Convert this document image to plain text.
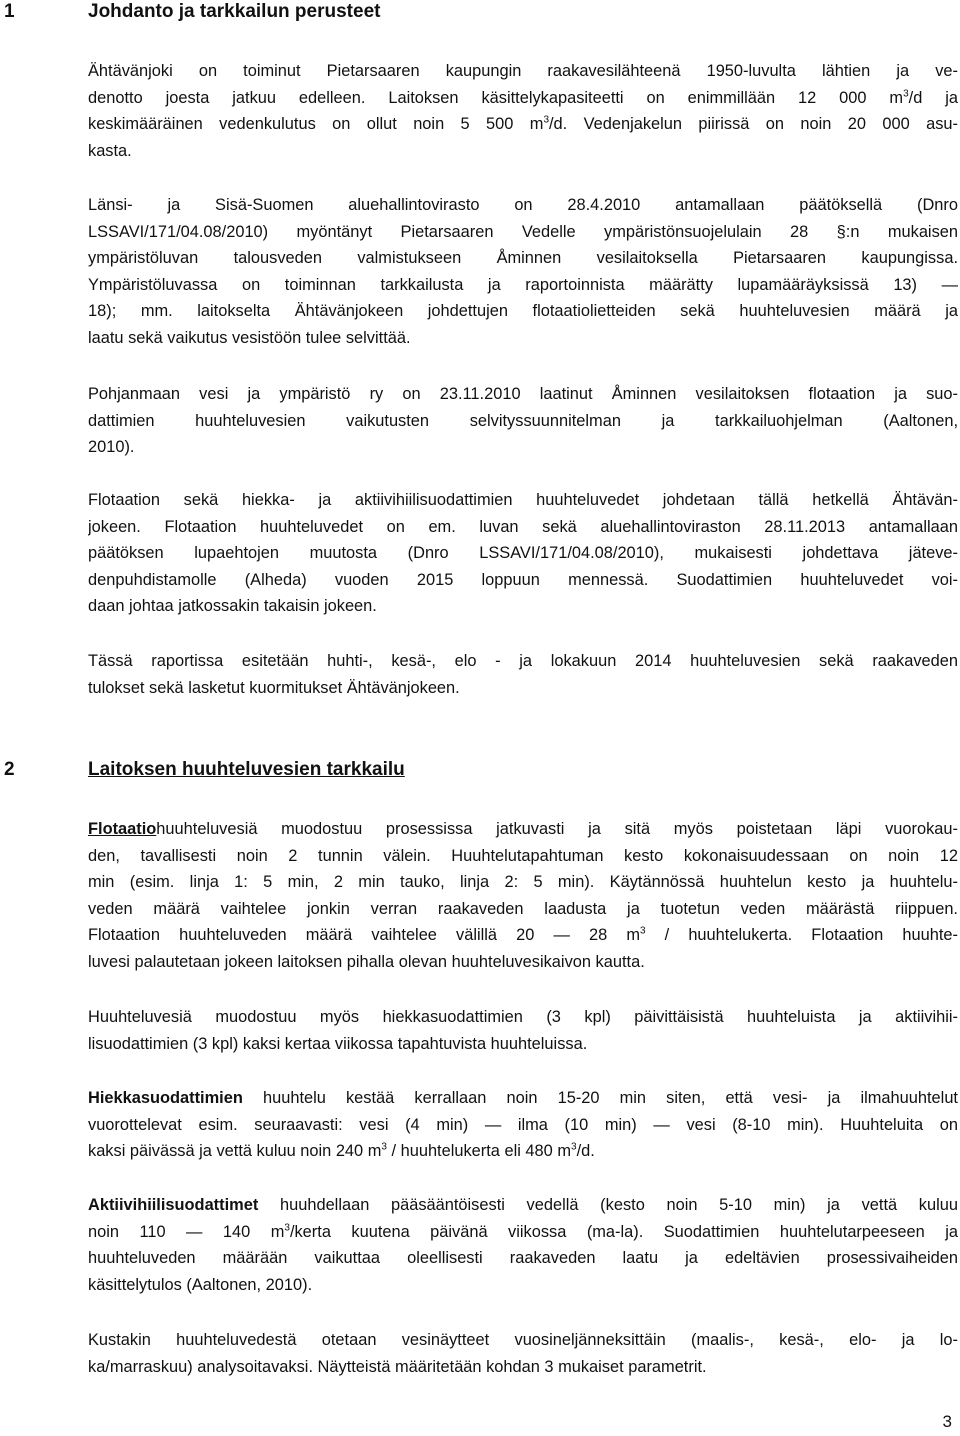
1	Johdanto ja tarkkailun perusteet
Ähtävänjoki on toiminut Pietarsaaren kaupungin raakavesilähteenä 1950-luvulta lähtien ja ve-
denotto joesta jatkuu edelleen. Laitoksen käsittelykapasiteetti on enimmillään 12 000 $m^3/d$ ja
keskimääräinen vedenkulutus on ollut noin 5 500 $m^3/d$. Vedenjakelun piirissä on noin 20 000 asu-
kasta.
Länsi- ja Sisä-Suomen aluehallintovirasto on 28.4.2010 antamallaan päätöksellä (Dnro
LSSAVI/171/04.08/2010) myöntänyt Pietarsaaren Vedelle ympäristönsuojelulain 28 §:n mukaisen
ympäristöluvan talousveden valmistukseen Åminnen vesilaitoksella Pietarsaaren kaupungissa.
Ympäristöluvassa on toiminnan tarkkailusta ja raportoinnista määrätty lupamääräyksissä 13) —
18); mm. laitokselta Ähtävänjokeen johdettujen flotaatiolietteiden sekä huuhteluvesien määrä ja
laatu sekä vaikutus vesistöön tulee selvittää.
Pohjanmaan vesi ja ympäristö ry on 23.11.2010 laatinut Åminnen vesilaitoksen flotaation ja suo-
dattimien huuhteluvesien vaikutusten selvityssuunnitelman ja tarkkailuohjelman (Aaltonen,
2010).
Flotaation sekä hiekka- ja aktiivihiilisuodattimien huuhteluvedet johdetaan tällä hetkellä Ähtävän-
jokeen. Flotaation huuhteluvedet on em. luvan sekä aluehallintoviraston 28.11.2013 antamallaan
päätöksen lupaehtojen muutosta (Dnro LSSAVI/171/04.08/2010), mukaisesti johdettava jäteve-
denpuhdistamolle (Alheda) vuoden 2015 loppuun mennessä. Suodattimien huuhteluvedet voi-
daan johtaa jatkossakin takaisin jokeen.
Tässä raportissa esitetään huhti-, kesä-, elo - ja lokakuun 2014 huuhteluvesien sekä raakaveden
tulokset sekä lasketut kuormitukset Ähtävänjokeen.
2	Laitoksen huuhteluvesien tarkkailu
Flotaatiohuuhteluvesiä muodostuu prosessissa jatkuvasti ja sitä myös poistetaan läpi vuorokau-
den, tavallisesti noin 2 tunnin välein. Huuhtelutapahtuman kesto kokonaisuudessaan on noin 12
min (esim. linja 1: 5 min, 2 min tauko, linja 2: 5 min). Käytännössä huuhtelun kesto ja huuhtelu-
veden määrä vaihtelee jonkin verran raakaveden laadusta ja tuotetun veden määrästä riippuen.
Flotaation huuhteluveden määrä vaihtelee välillä 20 — 28 $m^3$ / huuhtelukerta. Flotaation huuhte-
luvesi palautetaan jokeen laitoksen pihalla olevan huuhteluvesikaivon kautta.
Huuhteluvesiä muodostuu myös hiekkasuodattimien (3 kpl) päivittäisistä huuhteluista ja aktiivihii-
lisuodattimien (3 kpl) kaksi kertaa viikossa tapahtuvista huuhteluissa.
Hiekkasuodattimien huuhtelu kestää kerrallaan noin 15-20 min siten, että vesi- ja ilmahuuhtelut
vuorottelevat esim. seuraavasti: vesi (4 min) — ilma (10 min) — vesi (8-10 min). Huuhteluita on
kaksi päivässä ja vettä kuluu noin 240 $m^3$ / huuhtelukerta eli 480 $m^3/d$.
Aktiivihiilisuodattimet huuhdellaan pääsääntöisesti vedellä (kesto noin 5-10 min) ja vettä kuluu
noin 110 — 140 $m^3$/kerta kuutena päivänä viikossa (ma-la). Suodattimien huuhtelutarpeeseen ja
huuhteluveden määrään vaikuttaa oleellisesti raakaveden laatu ja edeltävien prosessivaiheiden
käsittelytulos (Aaltonen, 2010).
Kustakin huuhteluvedestä otetaan vesinäytteet vuosineljänneksittäin (maalis-, kesä-, elo- ja lo-
ka/marraskuu) analysoitavaksi. Näytteistä määritetään kohdan 3 mukaiset parametrit.
3
